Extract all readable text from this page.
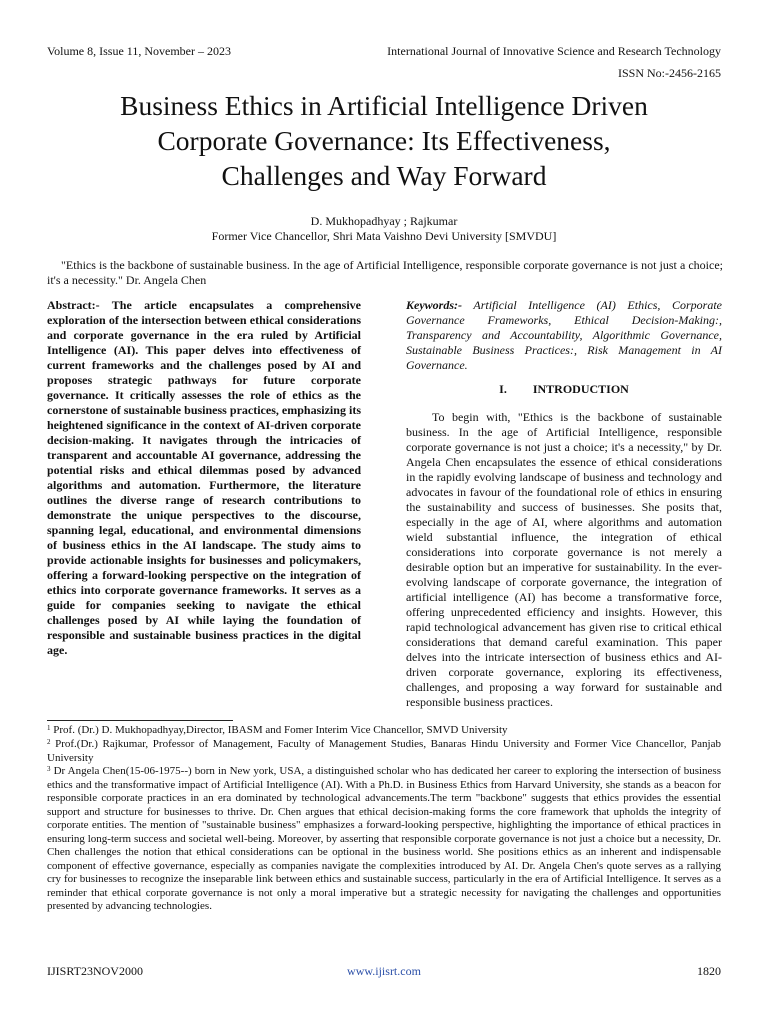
Volume 8, Issue 11, November – 2023	International Journal of Innovative Science and Research Technology
ISSN No:-2456-2165
Business Ethics in Artificial Intelligence Driven
Corporate Governance: Its Effectiveness,
Challenges and Way Forward
D. Mukhopadhyay ; Rajkumar
Former Vice Chancellor, Shri Mata Vaishno Devi University [SMVDU]
"Ethics is the backbone of sustainable business. In the age of Artificial Intelligence, responsible corporate governance is not just a choice; it's a necessity." Dr. Angela Chen
Abstract:- The article encapsulates a comprehensive exploration of the intersection between ethical considerations and corporate governance in the era ruled by Artificial Intelligence (AI). This paper delves into effectiveness of current frameworks and the challenges posed by AI and proposes strategic pathways for future corporate governance. It critically assesses the role of ethics as the cornerstone of sustainable business practices, emphasizing its heightened significance in the context of AI-driven corporate decision-making. It navigates through the intricacies of transparent and accountable AI governance, addressing the potential risks and ethical dilemmas posed by advanced algorithms and automation. Furthermore, the literature outlines the diverse range of research contributions to demonstrate the unique perspectives to the discourse, spanning legal, educational, and environmental dimensions of business ethics in the AI landscape. The study aims to provide actionable insights for businesses and policymakers, offering a forward-looking perspective on the integration of ethics into corporate governance frameworks. It serves as a guide for companies seeking to navigate the ethical challenges posed by AI while laying the foundation of responsible and sustainable business practices in the digital age.
Keywords:- Artificial Intelligence (AI) Ethics, Corporate Governance Frameworks, Ethical Decision-Making:, Transparency and Accountability, Algorithmic Governance, Sustainable Business Practices:, Risk Management in AI Governance.
I. INTRODUCTION
To begin with, "Ethics is the backbone of sustainable business. In the age of Artificial Intelligence, responsible corporate governance is not just a choice; it's a necessity," by Dr. Angela Chen encapsulates the essence of ethical considerations in the rapidly evolving landscape of business and technology and advocates in favour of the foundational role of ethics in ensuring the sustainability and success of businesses. She posits that, especially in the age of AI, where algorithms and automation wield substantial influence, the integration of ethical considerations into corporate governance is not merely a desirable option but an imperative for sustainability. In the ever-evolving landscape of corporate governance, the integration of artificial intelligence (AI) has become a transformative force, offering unprecedented efficiency and insights. However, this rapid technological advancement has given rise to critical ethical considerations that demand careful examination. This paper delves into the intricate intersection of business ethics and AI-driven corporate governance, exploring its effectiveness, challenges, and proposing a way forward for sustainable and responsible business practices.
$^1$ Prof. (Dr.) D. Mukhopadhyay,Director, IBASM and Fomer Interim Vice Chancellor, SMVD University
$^2$ Prof.(Dr.) Rajkumar, Professor of Management, Faculty of Management Studies, Banaras Hindu University and Former Vice Chancellor, Panjab University
$^3$ Dr Angela Chen(15-06-1975--) born in New york, USA, a distinguished scholar who has dedicated her career to exploring the intersection of business ethics and the transformative impact of Artificial Intelligence (AI). With a Ph.D. in Business Ethics from Harvard University, she stands as a beacon for responsible corporate practices in an era dominated by technological advancements.The term "backbone" suggests that ethics provides the essential support and structure for businesses to thrive. Dr. Chen argues that ethical decision-making forms the core framework that upholds the integrity of corporate entities. The mention of "sustainable business" emphasizes a forward-looking perspective, highlighting the importance of ethical practices in ensuring long-term success and societal well-being. Moreover, by asserting that responsible corporate governance is not just a choice but a necessity, Dr. Chen challenges the notion that ethical considerations can be optional in the business world. She positions ethics as an inherent and indispensable component of effective governance, especially as companies navigate the complexities introduced by AI. Dr. Angela Chen's quote serves as a rallying cry for businesses to recognize the inseparable link between ethics and sustainable success, particularly in the era of Artificial Intelligence. It serves as a reminder that ethical corporate governance is not only a moral imperative but a strategic necessity for navigating the challenges and opportunities presented by advancing technologies.
IJISRT23NOV2000	www.ijisrt.com	1820
